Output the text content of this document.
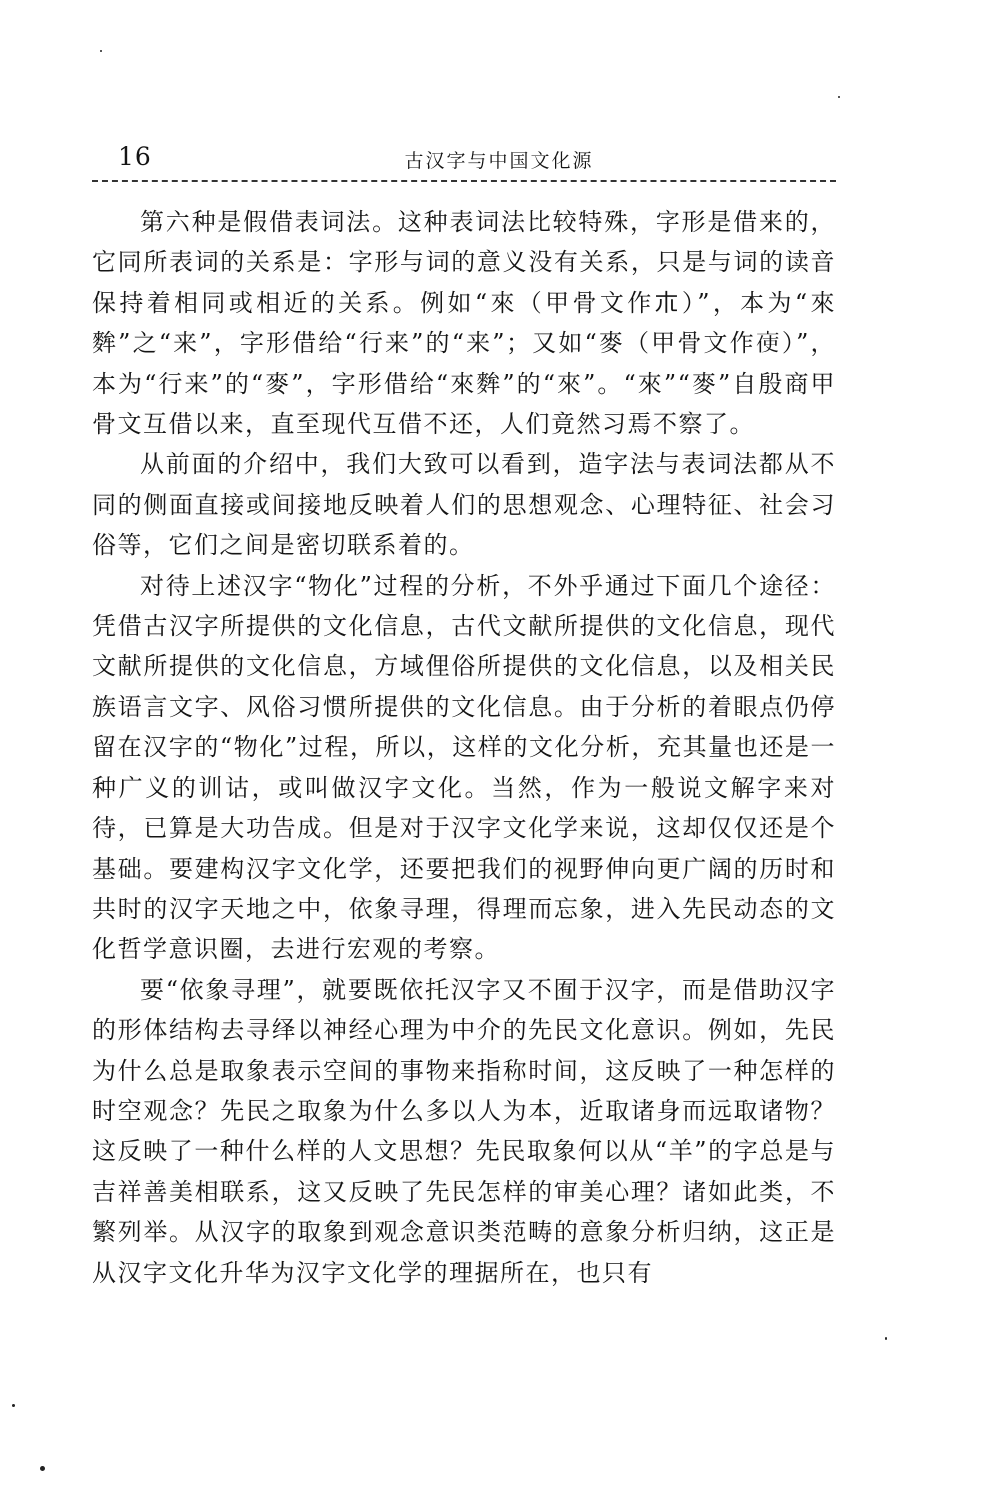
16	古汉字与中国文化源

第六种是假借表词法。这种表词法比较特殊，字形是借来的，它同所表词的关系是：字形与词的意义没有关系，只是与词的读音保持着相同或相近的关系。例如“來（甲骨文作𣎳）”，本为“來麰”之“来”，字形借给“行来”的“来”；又如“麥（甲骨文作𠅚）”，本为“行来”的“麥”，字形借给“來麰”的“來”。“來”“麥”自殷商甲骨文互借以来，直至现代互借不还，人们竟然习焉不察了。

从前面的介绍中，我们大致可以看到，造字法与表词法都从不同的侧面直接或间接地反映着人们的思想观念、心理特征、社会习俗等，它们之间是密切联系着的。

对待上述汉字“物化”过程的分析，不外乎通过下面几个途径：凭借古汉字所提供的文化信息，古代文献所提供的文化信息，现代文献所提供的文化信息，方域俚俗所提供的文化信息，以及相关民族语言文字、风俗习惯所提供的文化信息。由于分析的着眼点仍停留在汉字的“物化”过程，所以，这样的文化分析，充其量也还是一种广义的训诂，或叫做汉字文化。当然，作为一般说文解字来对待，已算是大功告成。但是对于汉字文化学来说，这却仅仅还是个基础。要建构汉字文化学，还要把我们的视野伸向更广阔的历时和共时的汉字天地之中，依象寻理，得理而忘象，进入先民动态的文化哲学意识圈，去进行宏观的考察。

要“依象寻理”，就要既依托汉字又不囿于汉字，而是借助汉字的形体结构去寻绎以神经心理为中介的先民文化意识。例如，先民为什么总是取象表示空间的事物来指称时间，这反映了一种怎样的时空观念？先民之取象为什么多以人为本，近取诸身而远取诸物？这反映了一种什么样的人文思想？先民取象何以从“羊”的字总是与吉祥善美相联系，这又反映了先民怎样的审美心理？诸如此类，不繁列举。从汉字的取象到观念意识类范畴的意象分析归纳，这正是从汉字文化升华为汉字文化学的理据所在，也只有
